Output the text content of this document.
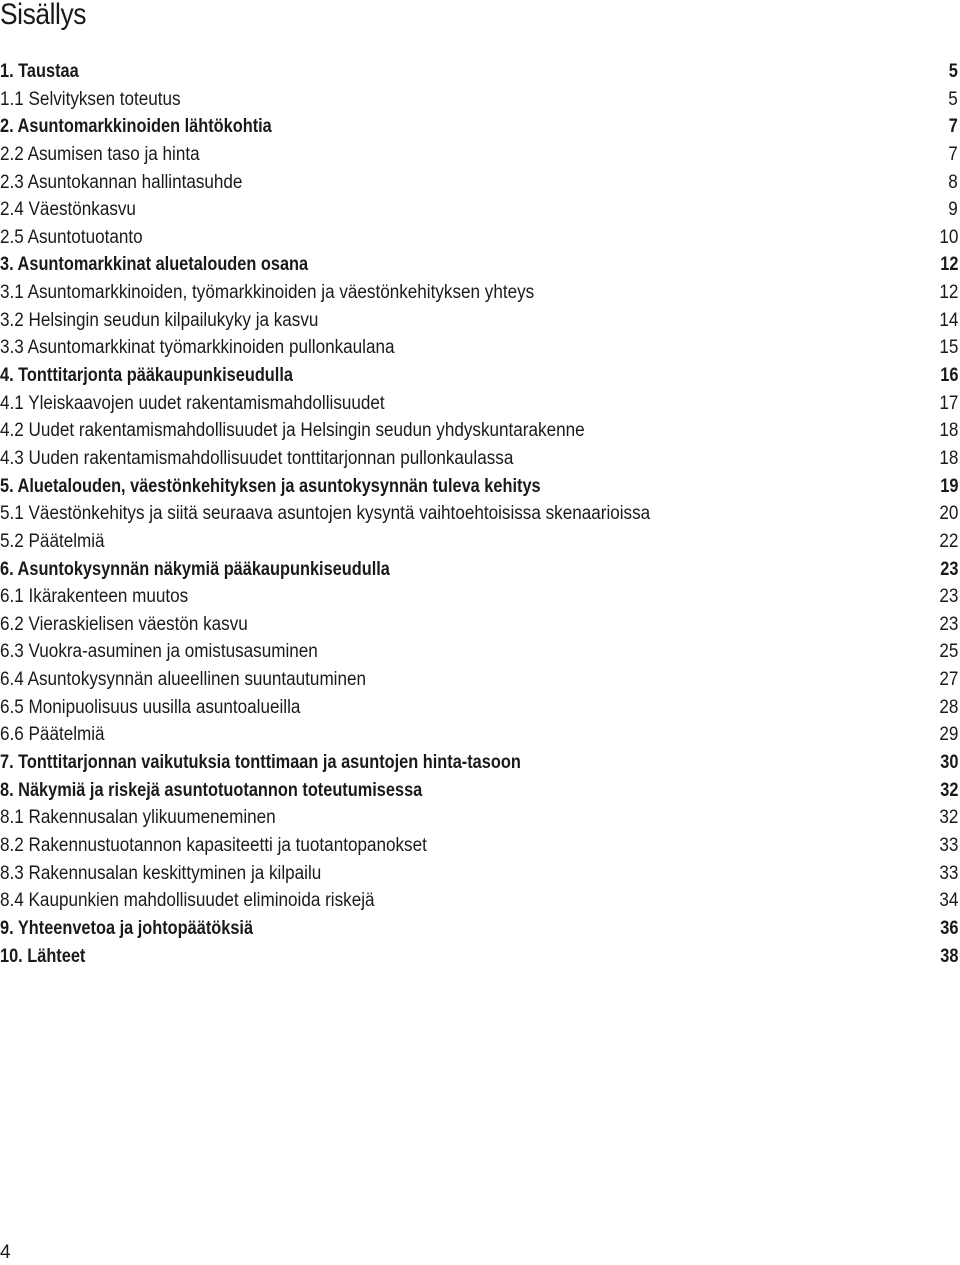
Sisällys
1. Taustaa	5
1.1 Selvityksen toteutus	5
2. Asuntomarkkinoiden lähtökohtia	7
2.2 Asumisen taso ja hinta	7
2.3 Asuntokannan hallintasuhde	8
2.4 Väestönkasvu	9
2.5 Asuntotuotanto	10
3. Asuntomarkkinat aluetalouden osana	12
3.1 Asuntomarkkinoiden, työmarkkinoiden ja väestönkehityksen yhteys	12
3.2 Helsingin seudun kilpailukyky ja kasvu	14
3.3 Asuntomarkkinat työmarkkinoiden pullonkaulana	15
4. Tonttitarjonta pääkaupunkiseudulla	16
4.1 Yleiskaavojen uudet rakentamismahdollisuudet	17
4.2 Uudet rakentamismahdollisuudet ja Helsingin seudun yhdyskuntarakenne	18
4.3 Uuden rakentamismahdollisuudet tonttitarjonnan pullonkaulassa	18
5. Aluetalouden, väestönkehityksen ja asuntokysynnän tuleva kehitys	19
5.1 Väestönkehitys ja siitä seuraava asuntojen kysyntä vaihtoehtoisissa skenaarioissa	20
5.2 Päätelmiä	22
6. Asuntokysynnän näkymiä pääkaupunkiseudulla	23
6.1 Ikärakenteen muutos	23
6.2 Vieraskielisen väestön kasvu	23
6.3 Vuokra-asuminen ja omistusasuminen	25
6.4 Asuntokysynnän alueellinen suuntautuminen	27
6.5 Monipuolisuus uusilla asuntoalueilla	28
6.6 Päätelmiä	29
7. Tonttitarjonnan vaikutuksia tonttimaan ja asuntojen hinta-tasoon	30
8. Näkymiä ja riskejä asuntotuotannon toteutumisessa	32
8.1 Rakennusalan ylikuumeneminen	32
8.2 Rakennustuotannon kapasiteetti ja tuotantopanokset	33
8.3 Rakennusalan keskittyminen ja kilpailu	33
8.4 Kaupunkien mahdollisuudet eliminoida riskejä	34
9. Yhteenvetoa ja johtopäätöksiä	36
10. Lähteet	38
4
